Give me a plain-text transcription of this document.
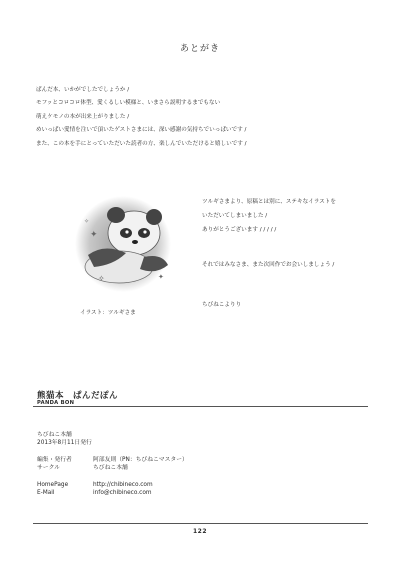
あとがき
ぱんだ本、いかがでしたでしょうか /
モフッとコロコロ体型、愛くるしい模様と、いまさら説明するまでもない
萌えケモノの本が出来上がりました /
めいっぱい愛情を注いで頂いたゲストさまには、深い感謝の気持ちでいっぱいです /
また、この本を手にとっていただいた読者の方、楽しんでいただけると嬉しいです /
✦
✧	✦
✧
イラスト：ツルギさま
ツルギさまより、原稿とは別に、ステキなイラストを
いただいてしまいました /
ありがとうございます / / / / /
それではみなさま、また次回作でお会いしましょう /
ちびねこよりり
熊猫本　ぱんだぽん
PANDA BON
ちびねこ本舗
2013年8月11日発行
編集・発行者	阿部友則（PN：ちびねこマスター）
サークル	ちびねこ本舗
HomePage	http://chibineco.com
E-Mail	info@chibineco.com
122
